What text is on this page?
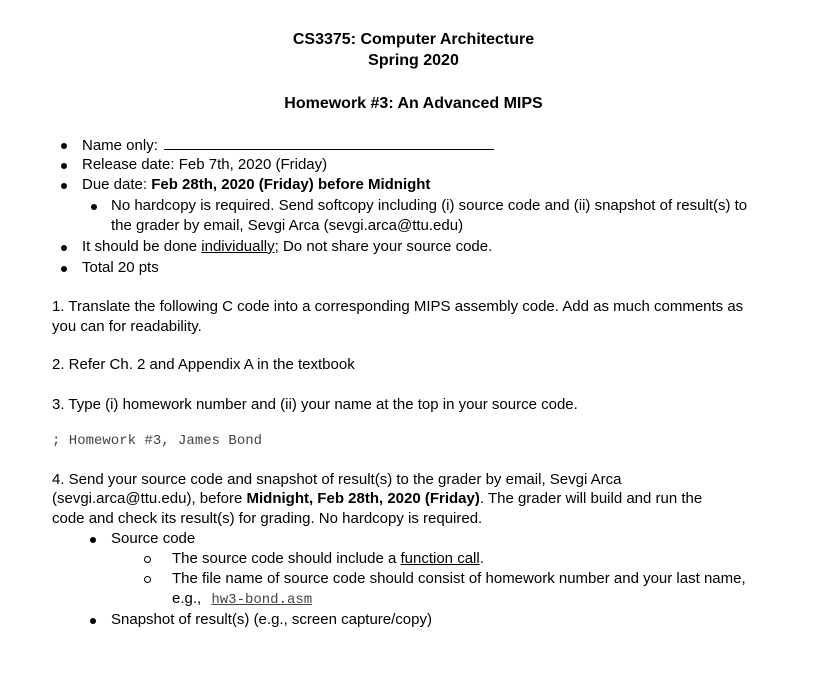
CS3375: Computer Architecture
Spring 2020
Homework #3: An Advanced MIPS
Name only:
Release date: Feb 7th, 2020 (Friday)
Due date: Feb 28th, 2020 (Friday) before Midnight
No hardcopy is required. Send softcopy including (i) source code and (ii) snapshot of result(s) to
the grader by email, Sevgi Arca (sevgi.arca@ttu.edu)
It should be done individually; Do not share your source code.
Total 20 pts
1. Translate the following C code into a corresponding MIPS assembly code. Add as much comments as
you can for readability.
2. Refer Ch. 2 and Appendix A in the textbook
3. Type (i) homework number and (ii) your name at the top in your source code.
; Homework #3, James Bond
4. Send your source code and snapshot of result(s) to the grader by email, Sevgi Arca
(sevgi.arca@ttu.edu), before Midnight, Feb 28th, 2020 (Friday). The grader will build and run the
code and check its result(s) for grading. No hardcopy is required.
Source code
The source code should include a function call.
The file name of source code should consist of homework number and your last name,
e.g., hw3-bond.asm
Snapshot of result(s) (e.g., screen capture/copy)
